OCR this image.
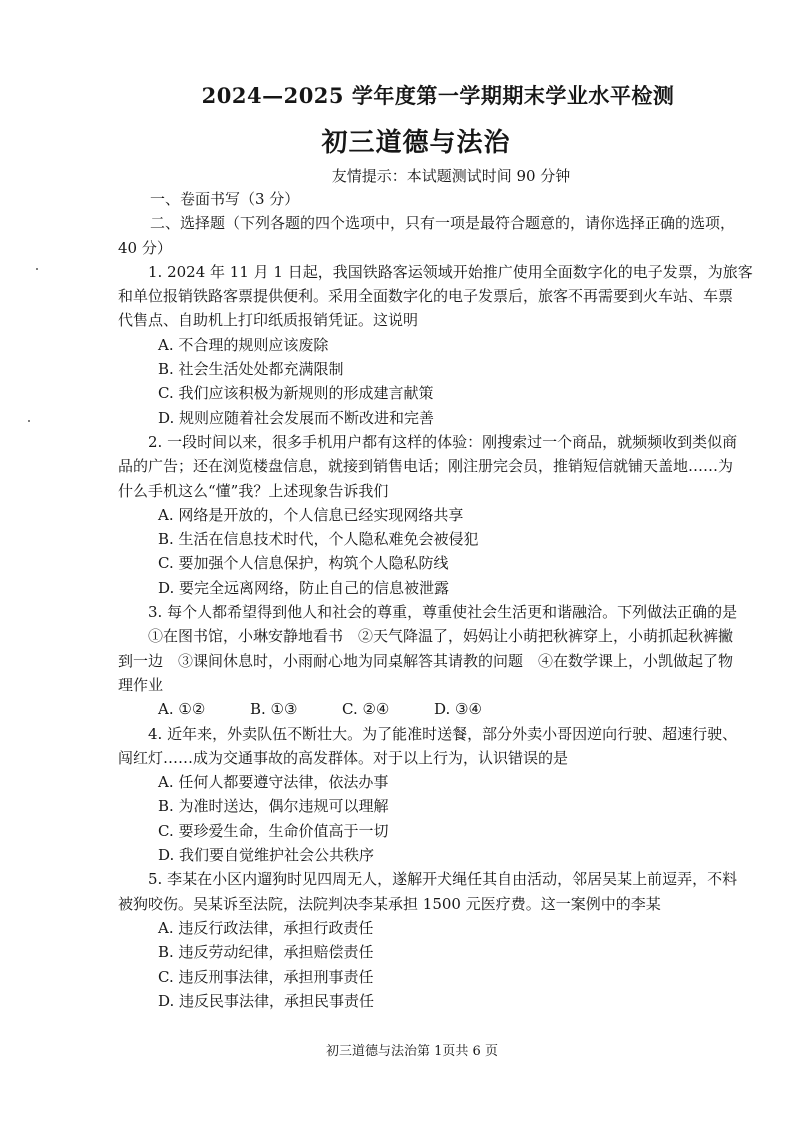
2024—2025 学年度第一学期期末学业水平检测
初三道德与法治
友情提示：本试题测试时间 90 分钟
一、卷面书写（3 分）
二、选择题（下列各题的四个选项中，只有一项是最符合题意的，请你选择正确的选项，
40 分）
1. 2024 年 11 月 1 日起，我国铁路客运领域开始推广使用全面数字化的电子发票，为旅客
和单位报销铁路客票提供便利。采用全面数字化的电子发票后，旅客不再需要到火车站、车票
代售点、自助机上打印纸质报销凭证。这说明
A. 不合理的规则应该废除
B. 社会生活处处都充满限制
C. 我们应该积极为新规则的形成建言献策
D. 规则应随着社会发展而不断改进和完善
2. 一段时间以来，很多手机用户都有这样的体验：刚搜索过一个商品，就频频收到类似商
品的广告；还在浏览楼盘信息，就接到销售电话；刚注册完会员，推销短信就铺天盖地……为
什么手机这么“懂”我？上述现象告诉我们
A. 网络是开放的，个人信息已经实现网络共享
B. 生活在信息技术时代，个人隐私难免会被侵犯
C. 要加强个人信息保护，构筑个人隐私防线
D. 要完全远离网络，防止自己的信息被泄露
3. 每个人都希望得到他人和社会的尊重，尊重使社会生活更和谐融洽。下列做法正确的是
①在图书馆，小琳安静地看书　②天气降温了，妈妈让小萌把秋裤穿上，小萌抓起秋裤撇
到一边　③课间休息时，小雨耐心地为同桌解答其请教的问题　④在数学课上，小凯做起了物
理作业
A. ①②	B. ①③	C. ②④	D. ③④
4. 近年来，外卖队伍不断壮大。为了能准时送餐，部分外卖小哥因逆向行驶、超速行驶、
闯红灯……成为交通事故的高发群体。对于以上行为，认识错误的是
A. 任何人都要遵守法律，依法办事
B. 为准时送达，偶尔违规可以理解
C. 要珍爱生命，生命价值高于一切
D. 我们要自觉维护社会公共秩序
5. 李某在小区内遛狗时见四周无人，遂解开犬绳任其自由活动，邻居吴某上前逗弄，不料
被狗咬伤。吴某诉至法院，法院判决李某承担 1500 元医疗费。这一案例中的李某
A. 违反行政法律，承担行政责任
B. 违反劳动纪律，承担赔偿责任
C. 违反刑事法律，承担刑事责任
D. 违反民事法律，承担民事责任
初三道德与法治第 1页共 6 页
